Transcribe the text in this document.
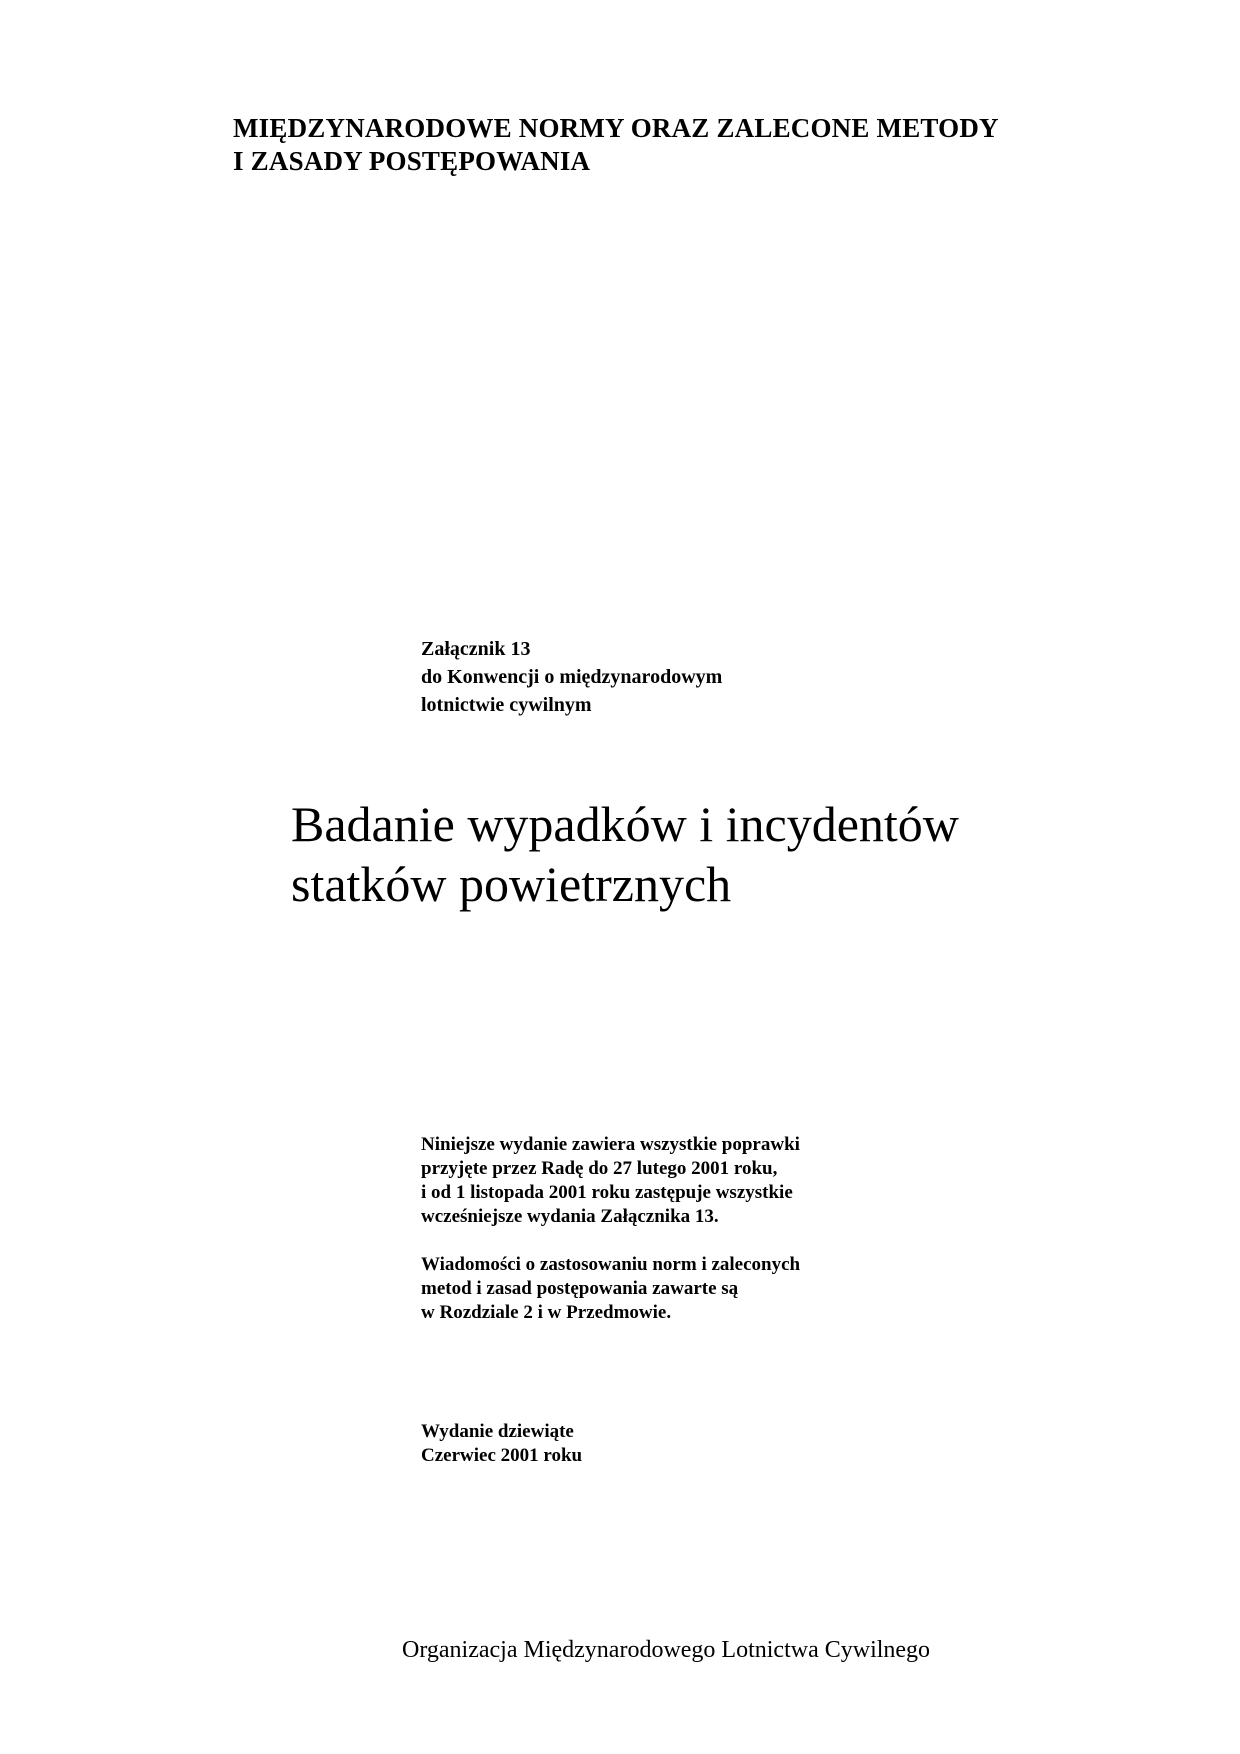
MIĘDZYNARODOWE NORMY ORAZ ZALECONE METODY
I ZASADY POSTĘPOWANIA
Załącznik 13
do Konwencji o międzynarodowym
lotnictwie cywilnym
Badanie wypadków i incydentów
statków powietrznych
Niniejsze wydanie zawiera wszystkie poprawki
przyjęte przez Radę do 27 lutego 2001 roku,
i od 1 listopada 2001 roku zastępuje wszystkie
wcześniejsze wydania Załącznika 13.
Wiadomości o zastosowaniu norm i zaleconych
metod i zasad postępowania zawarte są
w Rozdziale 2 i w Przedmowie.
Wydanie dziewiąte
Czerwiec 2001 roku
Organizacja Międzynarodowego Lotnictwa Cywilnego
